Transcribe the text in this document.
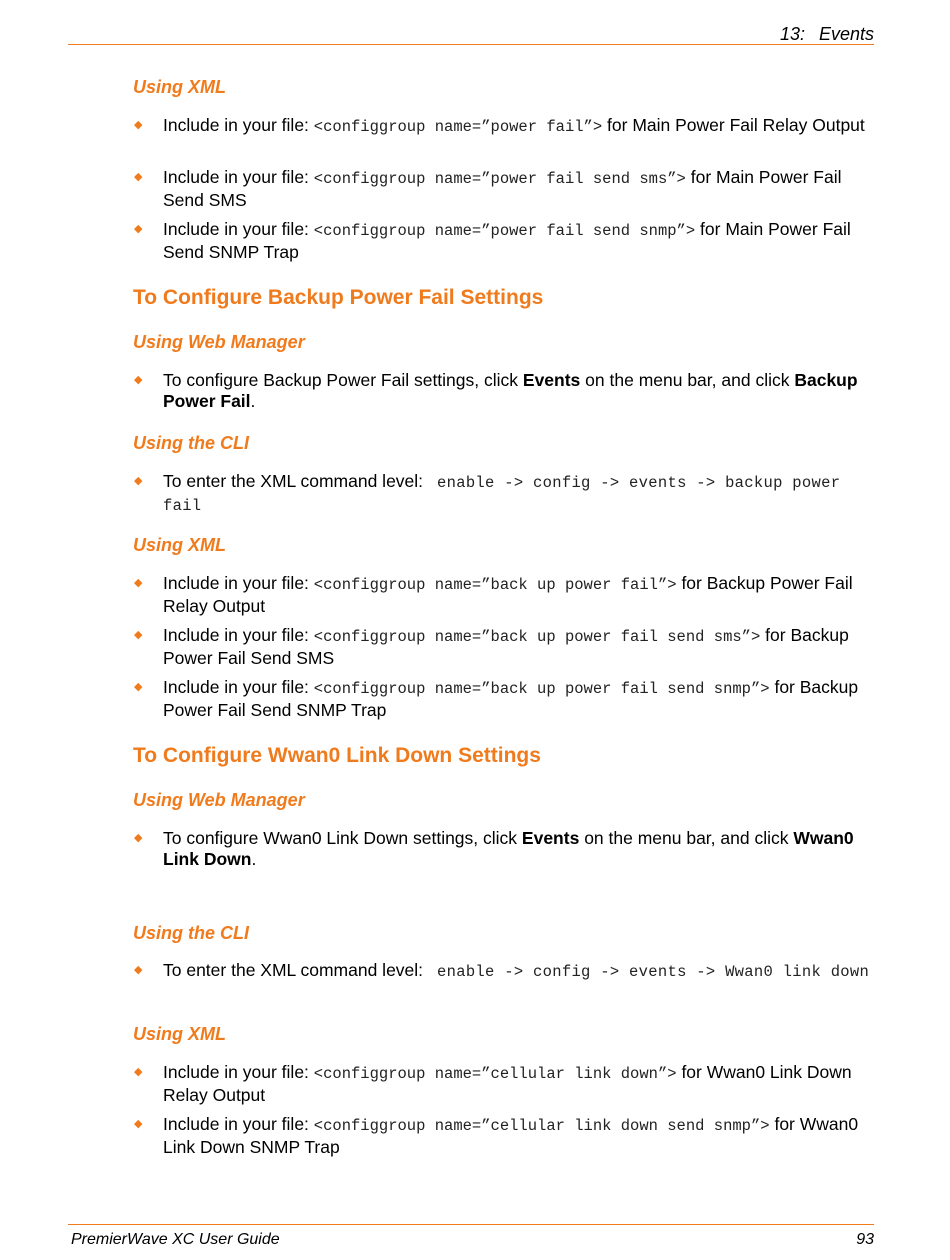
13: Events
Using XML
◆ Include in your file: <configgroup name=”power fail”> for Main Power Fail Relay Output
◆ Include in your file: <configgroup name=”power fail send sms”> for Main Power Fail Send SMS
◆ Include in your file: <configgroup name=”power fail send snmp”> for Main Power Fail Send SNMP Trap
To Configure Backup Power Fail Settings
Using Web Manager
◆ To configure Backup Power Fail settings, click Events on the menu bar, and click Backup Power Fail.
Using the CLI
◆ To enter the XML command level: enable -> config -> events -> backup power fail
Using XML
◆ Include in your file: <configgroup name=”back up power fail”> for Backup Power Fail Relay Output
◆ Include in your file: <configgroup name=”back up power fail send sms”> for Backup Power Fail Send SMS
◆ Include in your file: <configgroup name=”back up power fail send snmp”> for Backup Power Fail Send SNMP Trap
To Configure Wwan0 Link Down Settings
Using Web Manager
◆ To configure Wwan0 Link Down settings, click Events on the menu bar, and click Wwan0 Link Down.
Using the CLI
◆ To enter the XML command level: enable -> config -> events -> Wwan0 link down
Using XML
◆ Include in your file: <configgroup name=”cellular link down”> for Wwan0 Link Down Relay Output
◆ Include in your file: <configgroup name=”cellular link down send snmp”> for Wwan0 Link Down SNMP Trap
PremierWave XC User Guide	93
